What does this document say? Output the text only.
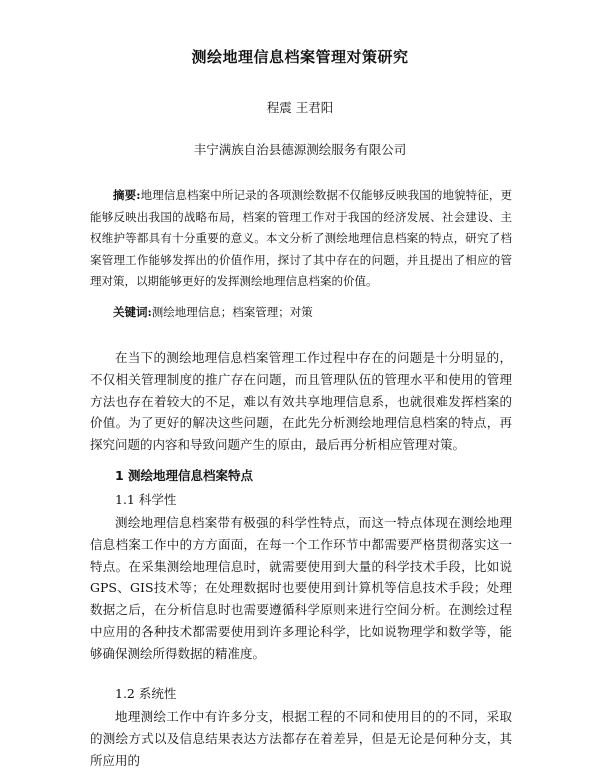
测绘地理信息档案管理对策研究
程震 王君阳
丰宁满族自治县德源测绘服务有限公司

摘要:地理信息档案中所记录的各项测绘数据不仅能够反映我国的地貌特征，更能够反映出我国的战略布局，档案的管理工作对于我国的经济发展、社会建设、主权维护等都具有十分重要的意义。本文分析了测绘地理信息档案的特点，研究了档案管理工作能够发挥出的价值作用，探讨了其中存在的问题，并且提出了相应的管理对策，以期能够更好的发挥测绘地理信息档案的价值。

关键词:测绘地理信息；档案管理；对策

在当下的测绘地理信息档案管理工作过程中存在的问题是十分明显的，不仅相关管理制度的推广存在问题，而且管理队伍的管理水平和使用的管理方法也存在着较大的不足，难以有效共享地理信息系，也就很难发挥档案的价值。为了更好的解决这些问题，在此先分析测绘地理信息档案的特点，再探究问题的内容和导致问题产生的原由，最后再分析相应管理对策。

1 测绘地理信息档案特点
1.1 科学性

测绘地理信息档案带有极强的科学性特点，而这一特点体现在测绘地理信息档案工作中的方方面面，在每一个工作环节中都需要严格贯彻落实这一特点。在采集测绘地理信息时，就需要使用到大量的科学技术手段，比如说GPS、GIS技术等；在处理数据时也要使用到计算机等信息技术手段；处理数据之后，在分析信息时也需要遵循科学原则来进行空间分析。在测绘过程中应用的各种技术都需要使用到许多理论科学，比如说物理学和数学等，能够确保测绘所得数据的精准度。

1.2 系统性

地理测绘工作中有许多分支，根据工程的不同和使用目的的不同，采取的测绘方式以及信息结果表达方法都存在着差异，但是无论是何种分支，其所应用的
